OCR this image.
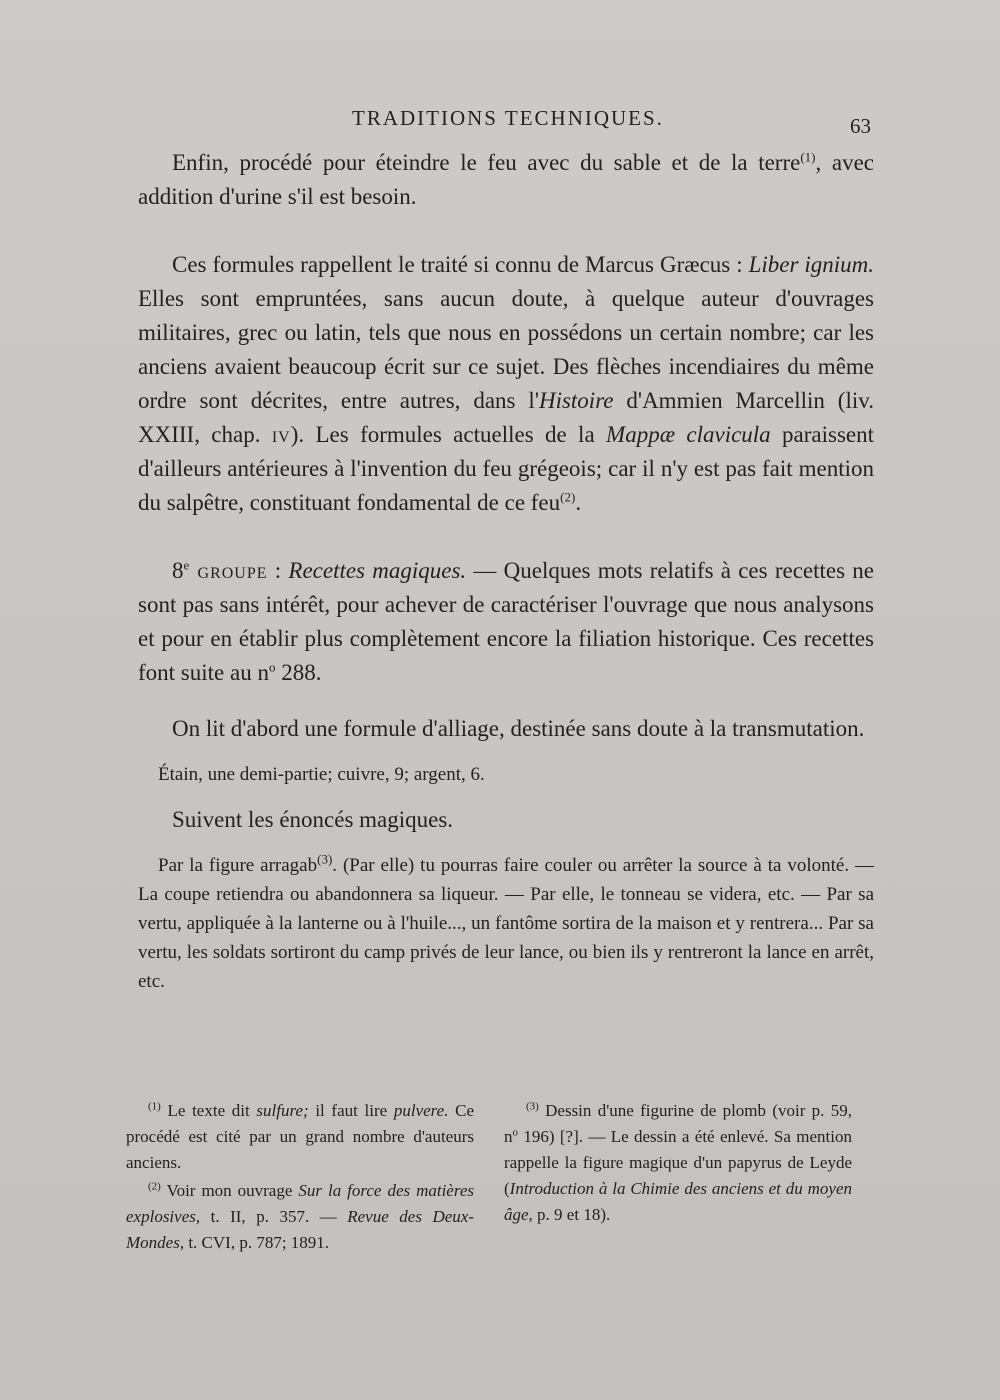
TRADITIONS TECHNIQUES.	63

Enfin, procédé pour éteindre le feu avec du sable et de la terre$^{(1)}$, avec addition d'urine s'il est besoin.

Ces formules rappellent le traité si connu de Marcus Græcus : Liber ignium. Elles sont empruntées, sans aucun doute, à quelque auteur d'ouvrages militaires, grec ou latin, tels que nous en possédons un certain nombre; car les anciens avaient beaucoup écrit sur ce sujet. Des flèches incendiaires du même ordre sont décrites, entre autres, dans l'Histoire d'Ammien Marcellin (liv. XXIII, chap. iv). Les formules actuelles de la Mappæ clavicula paraissent d'ailleurs antérieures à l'invention du feu grégeois; car il n'y est pas fait mention du salpêtre, constituant fondamental de ce feu$^{(2)}$.

8e groupe : Recettes magiques. — Quelques mots relatifs à ces recettes ne sont pas sans intérêt, pour achever de caractériser l'ouvrage que nous analysons et pour en établir plus complètement encore la filiation historique. Ces recettes font suite au $n^o$ 288.

On lit d'abord une formule d'alliage, destinée sans doute à la transmutation.

Étain, une demi-partie; cuivre, 9; argent, 6.

Suivent les énoncés magiques.

Par la figure arragab$^{(3)}$. (Par elle) tu pourras faire couler ou arrêter la source à ta volonté. — La coupe retiendra ou abandonnera sa liqueur. — Par elle, le tonneau se videra, etc. — Par sa vertu, appliquée à la lanterne ou à l'huile..., un fantôme sortira de la maison et y rentrera... Par sa vertu, les soldats sortiront du camp privés de leur lance, ou bien ils y rentreront la lance en arrêt, etc.

$^{(1)}$ Le texte dit sulfure; il faut lire pulvere. Ce procédé est cité par un grand nombre d'auteurs anciens.

$^{(2)}$ Voir mon ouvrage Sur la force des matières explosives, t. II, p. 357. — Revue des Deux-Mondes, t. CVI, p. 787; 1891.

$^{(3)}$ Dessin d'une figurine de plomb (voir p. 59, $n^o$ 196) [?]. — Le dessin a été enlevé. Sa mention rappelle la figure magique d'un papyrus de Leyde (Introduction à la Chimie des anciens et du moyen âge, p. 9 et 18).
